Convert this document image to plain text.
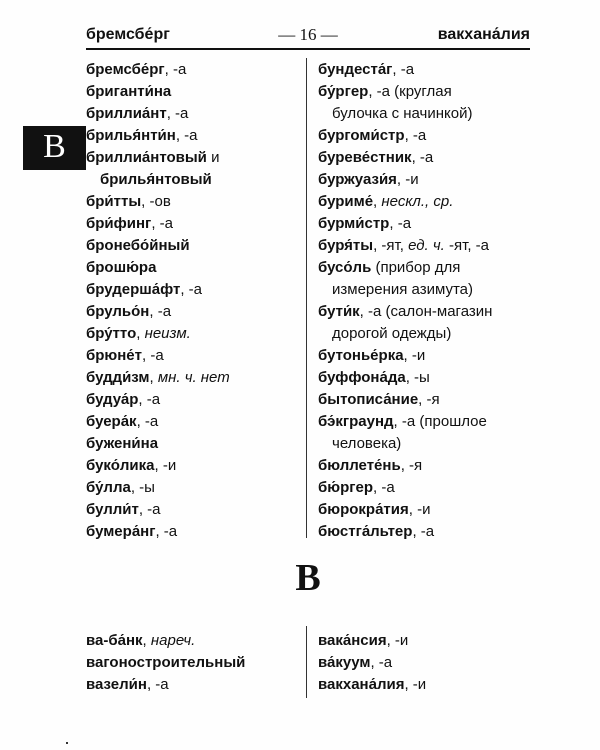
бремсбе́рг	— 16 —	вакхана́лия
В
бремсбе́рг, -а
бриганти́на
бриллиа́нт, -а
брилья́нти́н, -а
бриллиа́нтовый и
брилья́нтовый
бри́тты, -ов
бри́финг, -а
бронебо́йный
брошю́ра
брудерша́фт, -а
брульо́н, -а
бру́тто, неизм.
брюне́т, -а
будди́зм, мн. ч. нет
будуа́р, -а
буера́к, -а
бужени́на
буко́лика, -и
бу́лла, -ы
булли́т, -а
бумера́нг, -а
бундеста́г, -а
бу́ргер, -а (круглая
булочка с начинкой)
бургоми́стр, -а
буреве́стник, -а
буржуази́я, -и
буриме́, нескл., ср.
бурми́стр, -а
буря́ты, -ят, ед. ч. -ят, -а
бусо́ль (прибор для
измерения азимута)
бути́к, -а (салон-магазин
дорогой одежды)
бутонье́рка, -и
буффона́да, -ы
бытописа́ние, -я
бэ́кграунд, -а (прошлое
человека)
бюллете́нь, -я
бю́ргер, -а
бюрокра́тия, -и
бюстга́льтер, -а
В
ва-ба́нк, нареч.
вагоностроительный
вазели́н, -а
вака́нсия, -и
ва́куум, -а
вакхана́лия, -и
